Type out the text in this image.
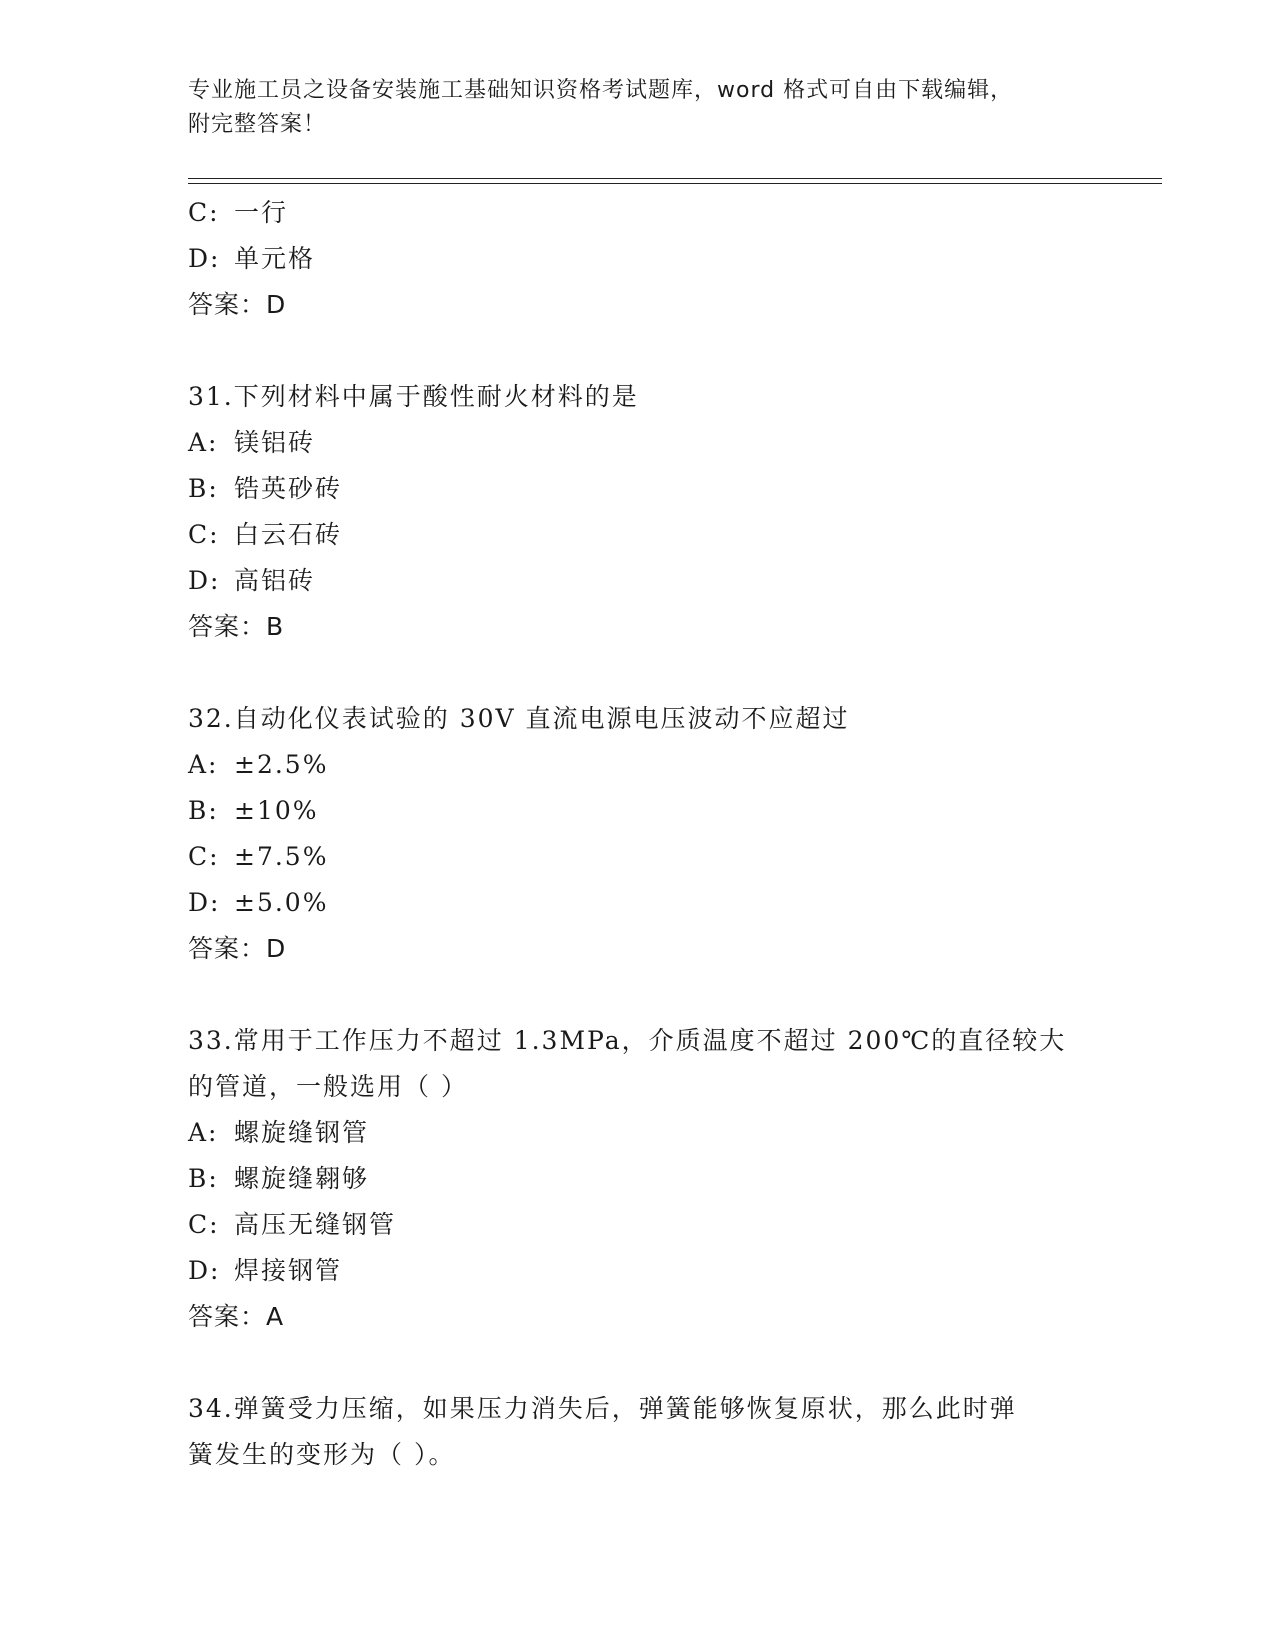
专业施工员之设备安装施工基础知识资格考试题库，word 格式可自由下载编辑，
附完整答案！
C: 一行
D: 单元格
答案：D
31.下列材料中属于酸性耐火材料的是
A: 镁铝砖
B: 锆英砂砖
C: 白云石砖
D: 高铝砖
答案：B
32.自动化仪表试验的 30V 直流电源电压波动不应超过
A: ±2.5%
B: ±10%
C: ±7.5%
D: ±5.0%
答案：D
33.常用于工作压力不超过 1.3MPa，介质温度不超过 200℃的直径较大
的管道，一般选用（ ）
A: 螺旋缝钢管
B: 螺旋缝翱够
C: 高压无缝钢管
D: 焊接钢管
答案：A
34.弹簧受力压缩，如果压力消失后，弹簧能够恢复原状，那么此时弹
簧发生的变形为（ ）。
